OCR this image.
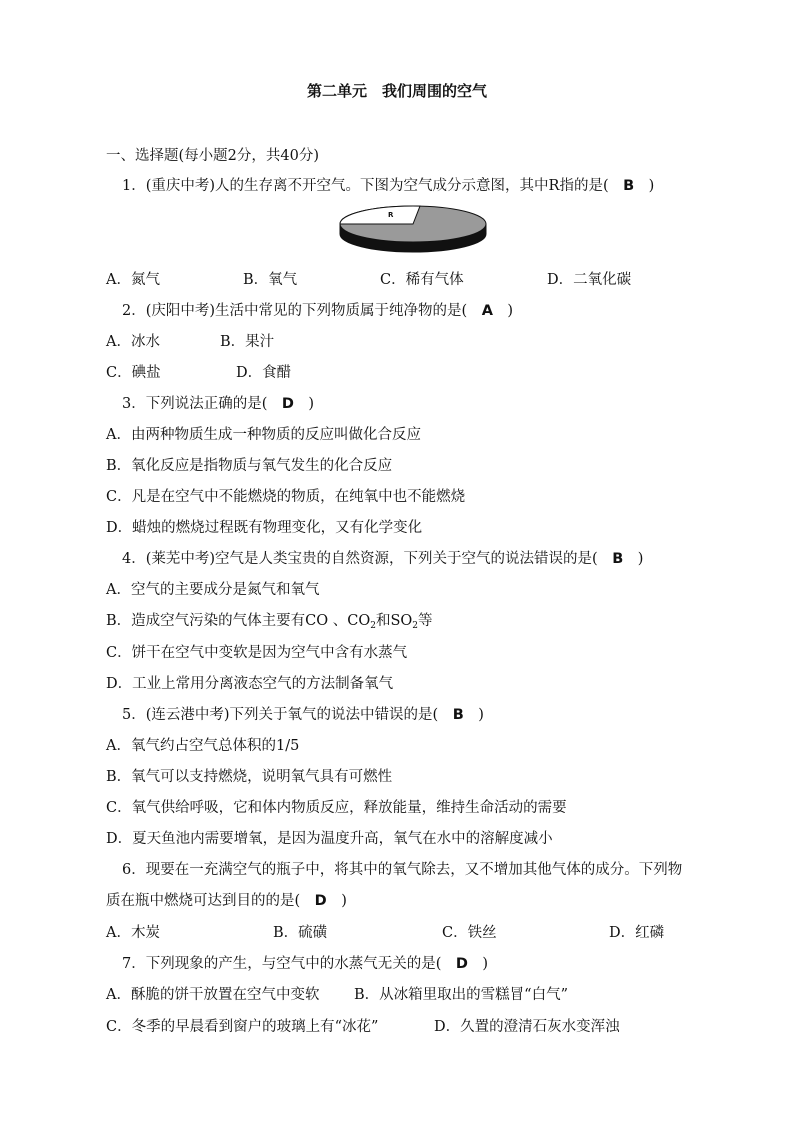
第二单元　我们周围的空气
一、选择题(每小题2分，共40分)
1．(重庆中考)人的生存离不开空气。下图为空气成分示意图，其中R指的是(　B　)
R
A．氮气	B．氧气	C．稀有气体	D．二氧化碳
2．(庆阳中考)生活中常见的下列物质属于纯净物的是(　A　)
A．冰水	B．果汁
C．碘盐	D．食醋
3．下列说法正确的是(　D　)
A．由两种物质生成一种物质的反应叫做化合反应
B．氧化反应是指物质与氧气发生的化合反应
C．凡是在空气中不能燃烧的物质，在纯氧中也不能燃烧
D．蜡烛的燃烧过程既有物理变化，又有化学变化
4．(莱芜中考)空气是人类宝贵的自然资源，下列关于空气的说法错误的是(　B　)
A．空气的主要成分是氮气和氧气
B．造成空气污染的气体主要有CO 、$CO_2$和$SO_2$等
C．饼干在空气中变软是因为空气中含有水蒸气
D．工业上常用分离液态空气的方法制备氧气
5．(连云港中考)下列关于氧气的说法中错误的是(　B　)
A．氧气约占空气总体积的1/5
B．氧气可以支持燃烧，说明氧气具有可燃性
C．氧气供给呼吸，它和体内物质反应，释放能量，维持生命活动的需要
D．夏天鱼池内需要增氧，是因为温度升高，氧气在水中的溶解度减小
6．现要在一充满空气的瓶子中，将其中的氧气除去，又不增加其他气体的成分。下列物
质在瓶中燃烧可达到目的的是(　D　)
A．木炭	B．硫磺	C．铁丝	D．红磷
7．下列现象的产生，与空气中的水蒸气无关的是(　D　)
A．酥脆的饼干放置在空气中变软 B．从冰箱里取出的雪糕冒“白气”
C．冬季的早晨看到窗户的玻璃上有“冰花”	D．久置的澄清石灰水变浑浊
